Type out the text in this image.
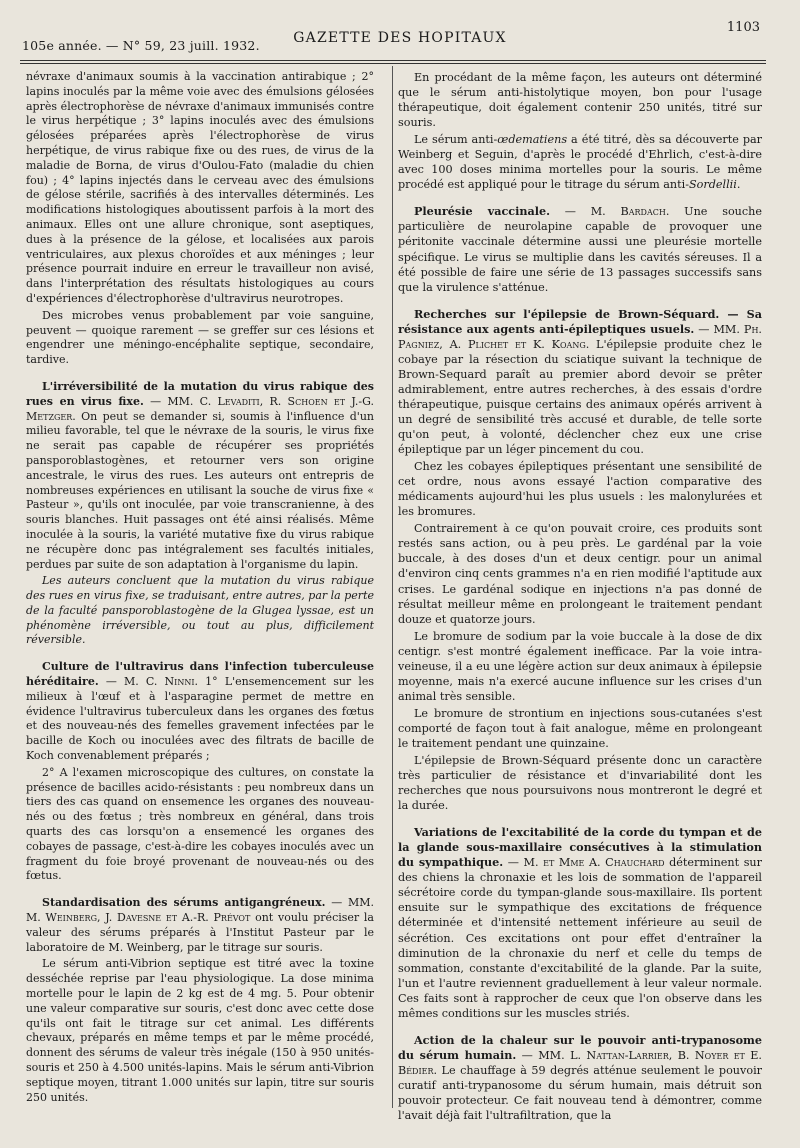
105e année. — N° 59, 23 juill. 1932.	GAZETTE DES HOPITAUX
1103

névraxe d'animaux soumis à la vaccination antirabique ; 2° lapins inoculés par la même voie avec des émulsions gélosées après électrophorèse de névraxe d'animaux immunisés contre le virus herpétique ; 3° lapins inoculés avec des émulsions gélosées préparées après l'électrophorèse de virus herpétique, de virus rabique fixe ou des rues, de virus de la maladie de Borna, de virus d'Oulou-Fato (maladie du chien fou) ; 4° lapins injectés dans le cerveau avec des émulsions de gélose stérile, sacrifiés à des intervalles déterminés. Les modifications histologiques aboutissent parfois à la mort des animaux. Elles ont une allure chronique, sont aseptiques, dues à la présence de la gélose, et localisées aux parois ventriculaires, aux plexus choroïdes et aux méninges ; leur présence pourrait induire en erreur le travailleur non avisé, dans l'interprétation des résultats histologiques au cours d'expériences d'électrophorèse d'ultravirus neurotropes.

Des microbes venus probablement par voie sanguine, peuvent — quoique rarement — se greffer sur ces lésions et engendrer une méningo-encéphalite septique, secondaire, tardive.

L'irréversibilité de la mutation du virus rabique des rues en virus fixe. — MM. C. Levaditi, R. Schoen et J.-G. Metzger. On peut se demander si, soumis à l'influence d'un milieu favorable, tel que le névraxe de la souris, le virus fixe ne serait pas capable de récupérer ses propriétés pansporoblastogènes, et retourner vers son origine ancestrale, le virus des rues. Les auteurs ont entrepris de nombreuses expériences en utilisant la souche de virus fixe « Pasteur », qu'ils ont inoculée, par voie transcranienne, à des souris blanches. Huit passages ont été ainsi réalisés. Même inoculée à la souris, la variété mutative fixe du virus rabique ne récupère donc pas intégralement ses facultés initiales, perdues par suite de son adaptation à l'organisme du lapin.

Les auteurs concluent que la mutation du virus rabique des rues en virus fixe, se traduisant, entre autres, par la perte de la faculté pansporoblastogène de la Glugea lyssae, est un phénomène irréversible, ou tout au plus, difficilement réversible.

Culture de l'ultravirus dans l'infection tuberculeuse héréditaire. — M. C. Ninni. 1° L'ensemencement sur les milieux à l'œuf et à l'asparagine permet de mettre en évidence l'ultravirus tuberculeux dans les organes des fœtus et des nouveau-nés des femelles gravement infectées par le bacille de Koch ou inoculées avec des filtrats de bacille de Koch convenablement préparés ;

2° A l'examen microscopique des cultures, on constate la présence de bacilles acido-résistants : peu nombreux dans un tiers des cas quand on ensemence les organes des nouveau-nés ou des fœtus ; très nombreux en général, dans trois quarts des cas lorsqu'on a ensemencé les organes des cobayes de passage, c'est-à-dire les cobayes inoculés avec un fragment du foie broyé provenant de nouveau-nés ou des fœtus.

Standardisation des sérums antigangréneux. — MM. M. Weinberg, J. Davesne et A.-R. Prévot ont voulu préciser la valeur des sérums préparés à l'Institut Pasteur par le laboratoire de M. Weinberg, par le titrage sur souris.

Le sérum anti-Vibrion septique est titré avec la toxine desséchée reprise par l'eau physiologique. La dose minima mortelle pour le lapin de 2 kg est de 4 mg. 5. Pour obtenir une valeur comparative sur souris, c'est donc avec cette dose qu'ils ont fait le titrage sur cet animal. Les différents chevaux, préparés en même temps et par le même procédé, donnent des sérums de valeur très inégale (150 à 950 unités-souris et 250 à 4.500 unités-lapins. Mais le sérum anti-Vibrion septique moyen, titrant 1.000 unités sur lapin, titre sur souris 250 unités.

En procédant de la même façon, les auteurs ont déterminé que le sérum anti-histolytique moyen, bon pour l'usage thérapeutique, doit également contenir 250 unités, titré sur souris.

Le sérum anti-œdematiens a été titré, dès sa découverte par Weinberg et Seguin, d'après le procédé d'Ehrlich, c'est-à-dire avec 100 doses minima mortelles pour la souris. Le même procédé est appliqué pour le titrage du sérum anti-Sordellii.

Pleurésie vaccinale. — M. Bardach. Une souche particulière de neurolapine capable de provoquer une péritonite vaccinale détermine aussi une pleurésie mortelle spécifique. Le virus se multiplie dans les cavités séreuses. Il a été possible de faire une série de 13 passages successifs sans que la virulence s'atténue.

Recherches sur l'épilepsie de Brown-Séquard. — Sa résistance aux agents anti-épileptiques usuels. — MM. Ph. Pagniez, A. Plichet et K. Koang. L'épilepsie produite chez le cobaye par la résection du sciatique suivant la technique de Brown-Sequard paraît au premier abord devoir se prêter admirablement, entre autres recherches, à des essais d'ordre thérapeutique, puisque certains des animaux opérés arrivent à un degré de sensibilité très accusé et durable, de telle sorte qu'on peut, à volonté, déclencher chez eux une crise épileptique par un léger pincement du cou.

Chez les cobayes épileptiques présentant une sensibilité de cet ordre, nous avons essayé l'action comparative des médicaments aujourd'hui les plus usuels : les malonylurées et les bromures.

Contrairement à ce qu'on pouvait croire, ces produits sont restés sans action, ou à peu près. Le gardénal par la voie buccale, à des doses d'un et deux centigr. pour un animal d'environ cinq cents grammes n'a en rien modifié l'aptitude aux crises. Le gardénal sodique en injections n'a pas donné de résultat meilleur même en prolongeant le traitement pendant douze et quatorze jours.

Le bromure de sodium par la voie buccale à la dose de dix centigr. s'est montré également inefficace. Par la voie intra-veineuse, il a eu une légère action sur deux animaux à épilepsie moyenne, mais n'a exercé aucune influence sur les crises d'un animal très sensible.

Le bromure de strontium en injections sous-cutanées s'est comporté de façon tout à fait analogue, même en prolongeant le traitement pendant une quinzaine.

L'épilepsie de Brown-Séquard présente donc un caractère très particulier de résistance et d'invariabilité dont les recherches que nous poursuivons nous montreront le degré et la durée.

Variations de l'excitabilité de la corde du tympan et de la glande sous-maxillaire consécutives à la stimulation du sympathique. — M. et Mme A. Chauchard déterminent sur des chiens la chronaxie et les lois de sommation de l'appareil sécrétoire corde du tympan-glande sous-maxillaire. Ils portent ensuite sur le sympathique des excitations de fréquence déterminée et d'intensité nettement inférieure au seuil de sécrétion. Ces excitations ont pour effet d'entraîner la diminution de la chronaxie du nerf et celle du temps de sommation, constante d'excitabilité de la glande. Par la suite, l'un et l'autre reviennent graduellement à leur valeur normale. Ces faits sont à rapprocher de ceux que l'on observe dans les mêmes conditions sur les muscles striés.

Action de la chaleur sur le pouvoir anti-trypanosome du sérum humain. — MM. L. Nattan-Larrier, B. Noyer et E. Bédier. Le chauffage à 59 degrés atténue seulement le pouvoir curatif anti-trypanosome du sérum humain, mais détruit son pouvoir protecteur. Ce fait nouveau tend à démontrer, comme l'avait déjà fait l'ultrafiltration, que la
